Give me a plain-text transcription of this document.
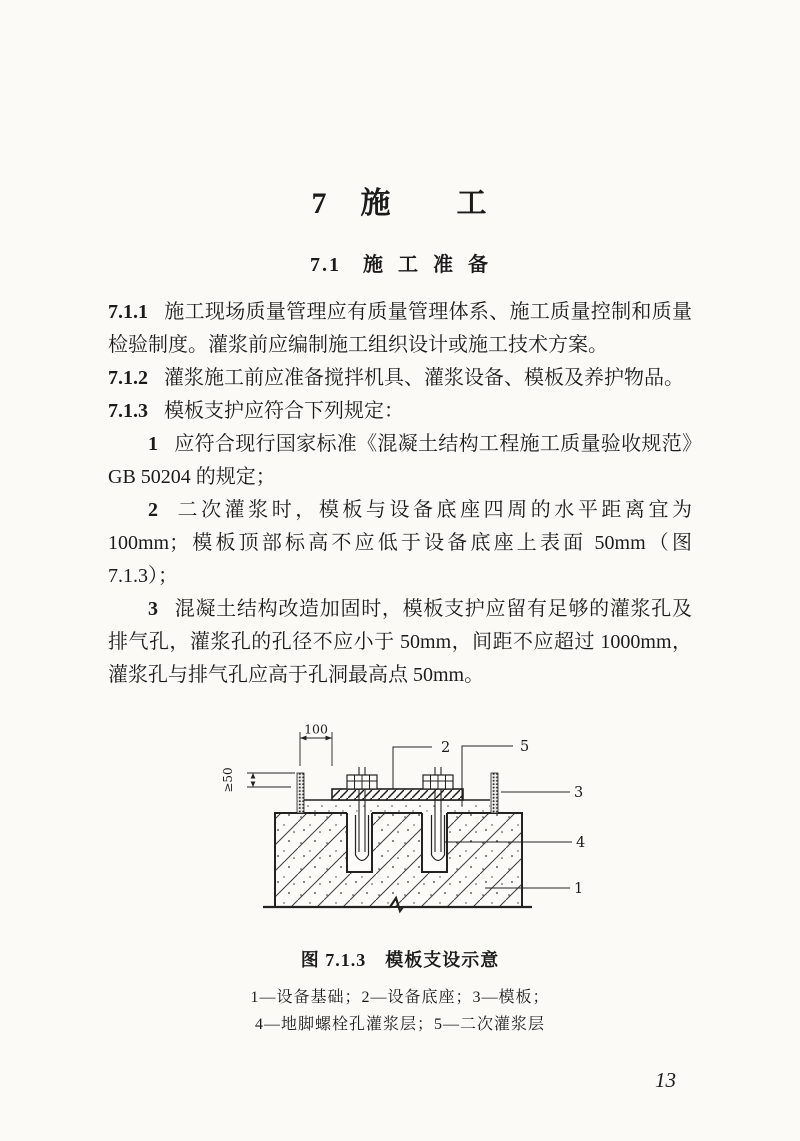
7　施　　工
7.1　施 工 准 备

7.1.1 施工现场质量管理应有质量管理体系、施工质量控制和质量检验制度。灌浆前应编制施工组织设计或施工技术方案。

7.1.2 灌浆施工前应准备搅拌机具、灌浆设备、模板及养护物品。

7.1.3 模板支护应符合下列规定：

1 应符合现行国家标准《混凝土结构工程施工质量验收规范》GB 50204 的规定；

2 二次灌浆时，模板与设备底座四周的水平距离宜为 100mm；模板顶部标高不应低于设备底座上表面 50mm（图 7.1.3）；

3 混凝土结构改造加固时，模板支护应留有足够的灌浆孔及排气孔，灌浆孔的孔径不应小于 50mm，间距不应超过 1000mm，灌浆孔与排气孔应高于孔洞最高点 50mm。

100
≥50
2	5
3
4
1
图 7.1.3　模板支设示意
1—设备基础；2—设备底座；3—模板；
4—地脚螺栓孔灌浆层；5—二次灌浆层
13
